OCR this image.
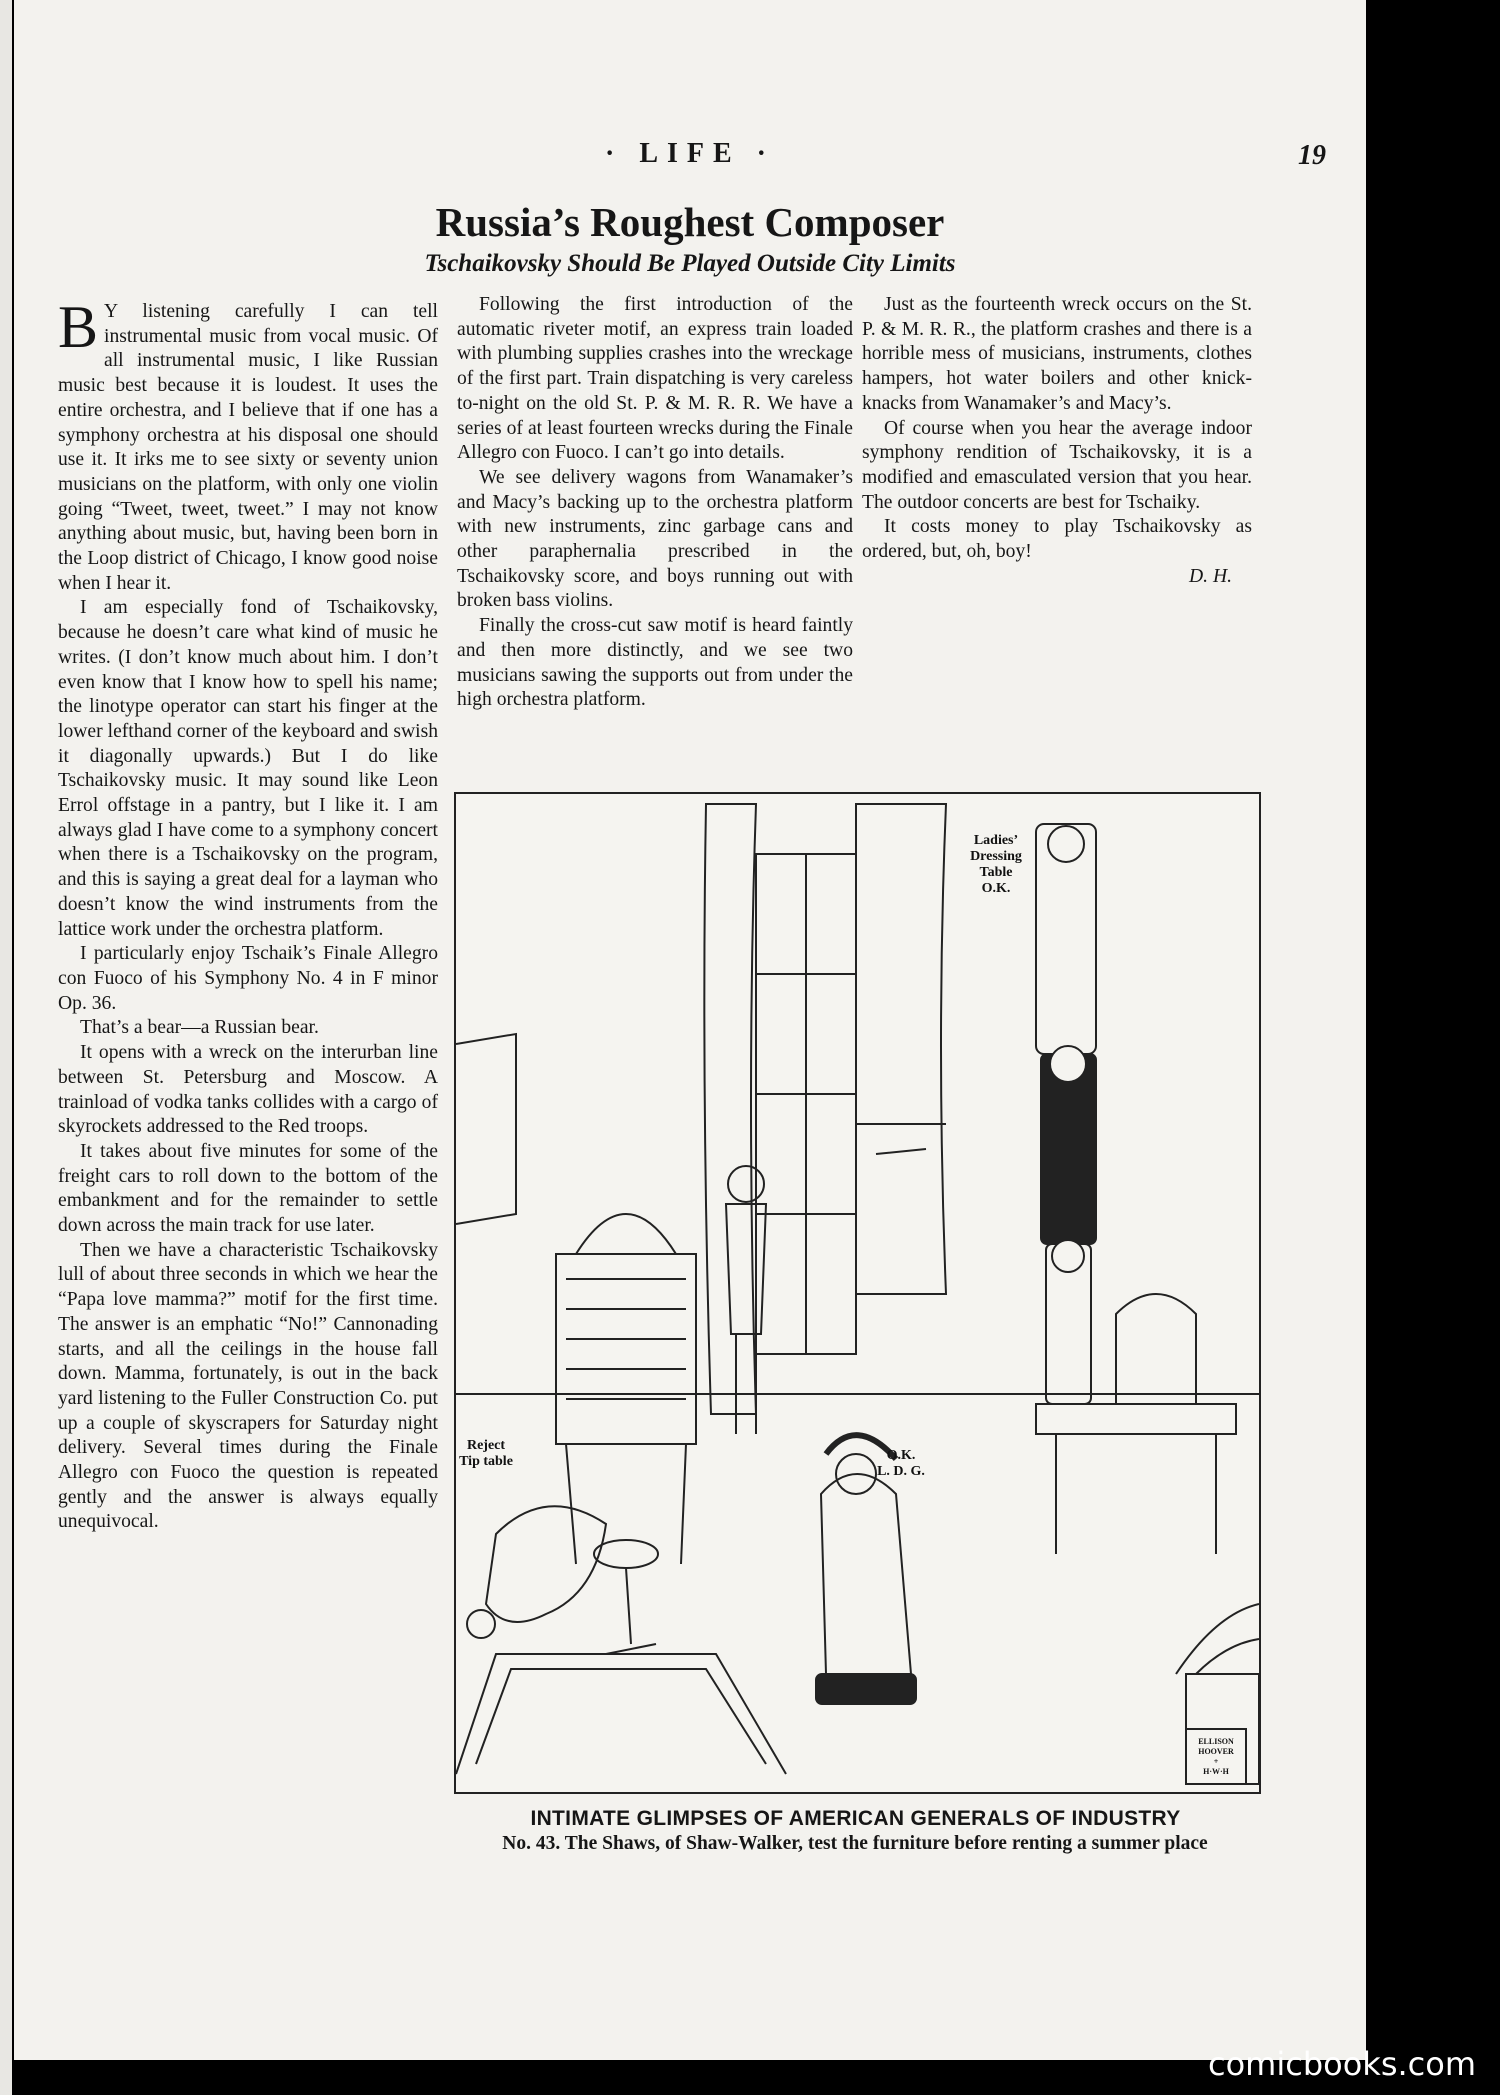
· LIFE ·	19
Russia’s Roughest Composer
Tschaikovsky Should Be Played Outside City Limits

B Y listening carefully I can tell instrumental music from vocal music. Of all instrumental music, I like Russian music best because it is loudest. It uses the entire orchestra, and I believe that if one has a symphony orchestra at his disposal one should use it. It irks me to see sixty or seventy union musicians on the platform, with only one violin going “Tweet, tweet, tweet.” I may not know anything about music, but, having been born in the Loop district of Chicago, I know good noise when I hear it.

I am especially fond of Tschaikovsky, because he doesn’t care what kind of music he writes. (I don’t know much about him. I don’t even know that I know how to spell his name; the linotype operator can start his finger at the lower lefthand corner of the keyboard and swish it diagonally upwards.) But I do like Tschaikovsky music. It may sound like Leon Errol offstage in a pantry, but I like it. I am always glad I have come to a symphony concert when there is a Tschaikovsky on the program, and this is saying a great deal for a layman who doesn’t know the wind instruments from the lattice work under the orchestra platform.

I particularly enjoy Tschaik’s Finale Allegro con Fuoco of his Symphony No. 4 in F minor Op. 36.

That’s a bear—a Russian bear.

It opens with a wreck on the interurban line between St. Petersburg and Moscow. A trainload of vodka tanks collides with a cargo of skyrockets addressed to the Red troops.

It takes about five minutes for some of the freight cars to roll down to the bottom of the embankment and for the remainder to settle down across the main track for use later.

Then we have a characteristic Tschaikovsky lull of about three seconds in which we hear the “Papa love mamma?” motif for the first time. The answer is an emphatic “No!” Cannonading starts, and all the ceilings in the house fall down. Mamma, fortunately, is out in the back yard listening to the Fuller Construction Co. put up a couple of skyscrapers for Saturday night delivery. Several times during the Finale Allegro con Fuoco the question is repeated gently and the answer is always equally unequivocal.

Following the first introduction of the automatic riveter motif, an express train loaded with plumbing supplies crashes into the wreckage of the first part. Train dispatching is very careless to-night on the old St. P. & M. R. R. We have a series of at least fourteen wrecks during the Finale Allegro con Fuoco. I can’t go into details.

We see delivery wagons from Wanamaker’s and Macy’s backing up to the orchestra platform with new instruments, zinc garbage cans and other paraphernalia prescribed in the Tschaikovsky score, and boys running out with broken bass violins.

Finally the cross-cut saw motif is heard faintly and then more distinctly, and we see two musicians sawing the supports out from under the high orchestra platform.

Just as the fourteenth wreck occurs on the St. P. & M. R. R., the platform crashes and there is a horrible mess of musicians, instruments, clothes hampers, hot water boilers and other knick-knacks from Wanamaker’s and Macy’s.

Of course when you hear the average indoor symphony rendition of Tschaikovsky, it is a modified and emasculated version that you hear. The outdoor concerts are best for Tschaiky.

It costs money to play Tschaikovsky as ordered, but, oh, boy!

D. H.
Ladies’
Dressing
Table
O.K.
Reject
Tip table	O.K.
L. D. G.
ELLISON
HOOVER
+
H·W·H
INTIMATE GLIMPSES OF AMERICAN GENERALS OF INDUSTRY
No. 43. The Shaws, of Shaw-Walker, test the furniture before renting a summer place
comicbooks.com
